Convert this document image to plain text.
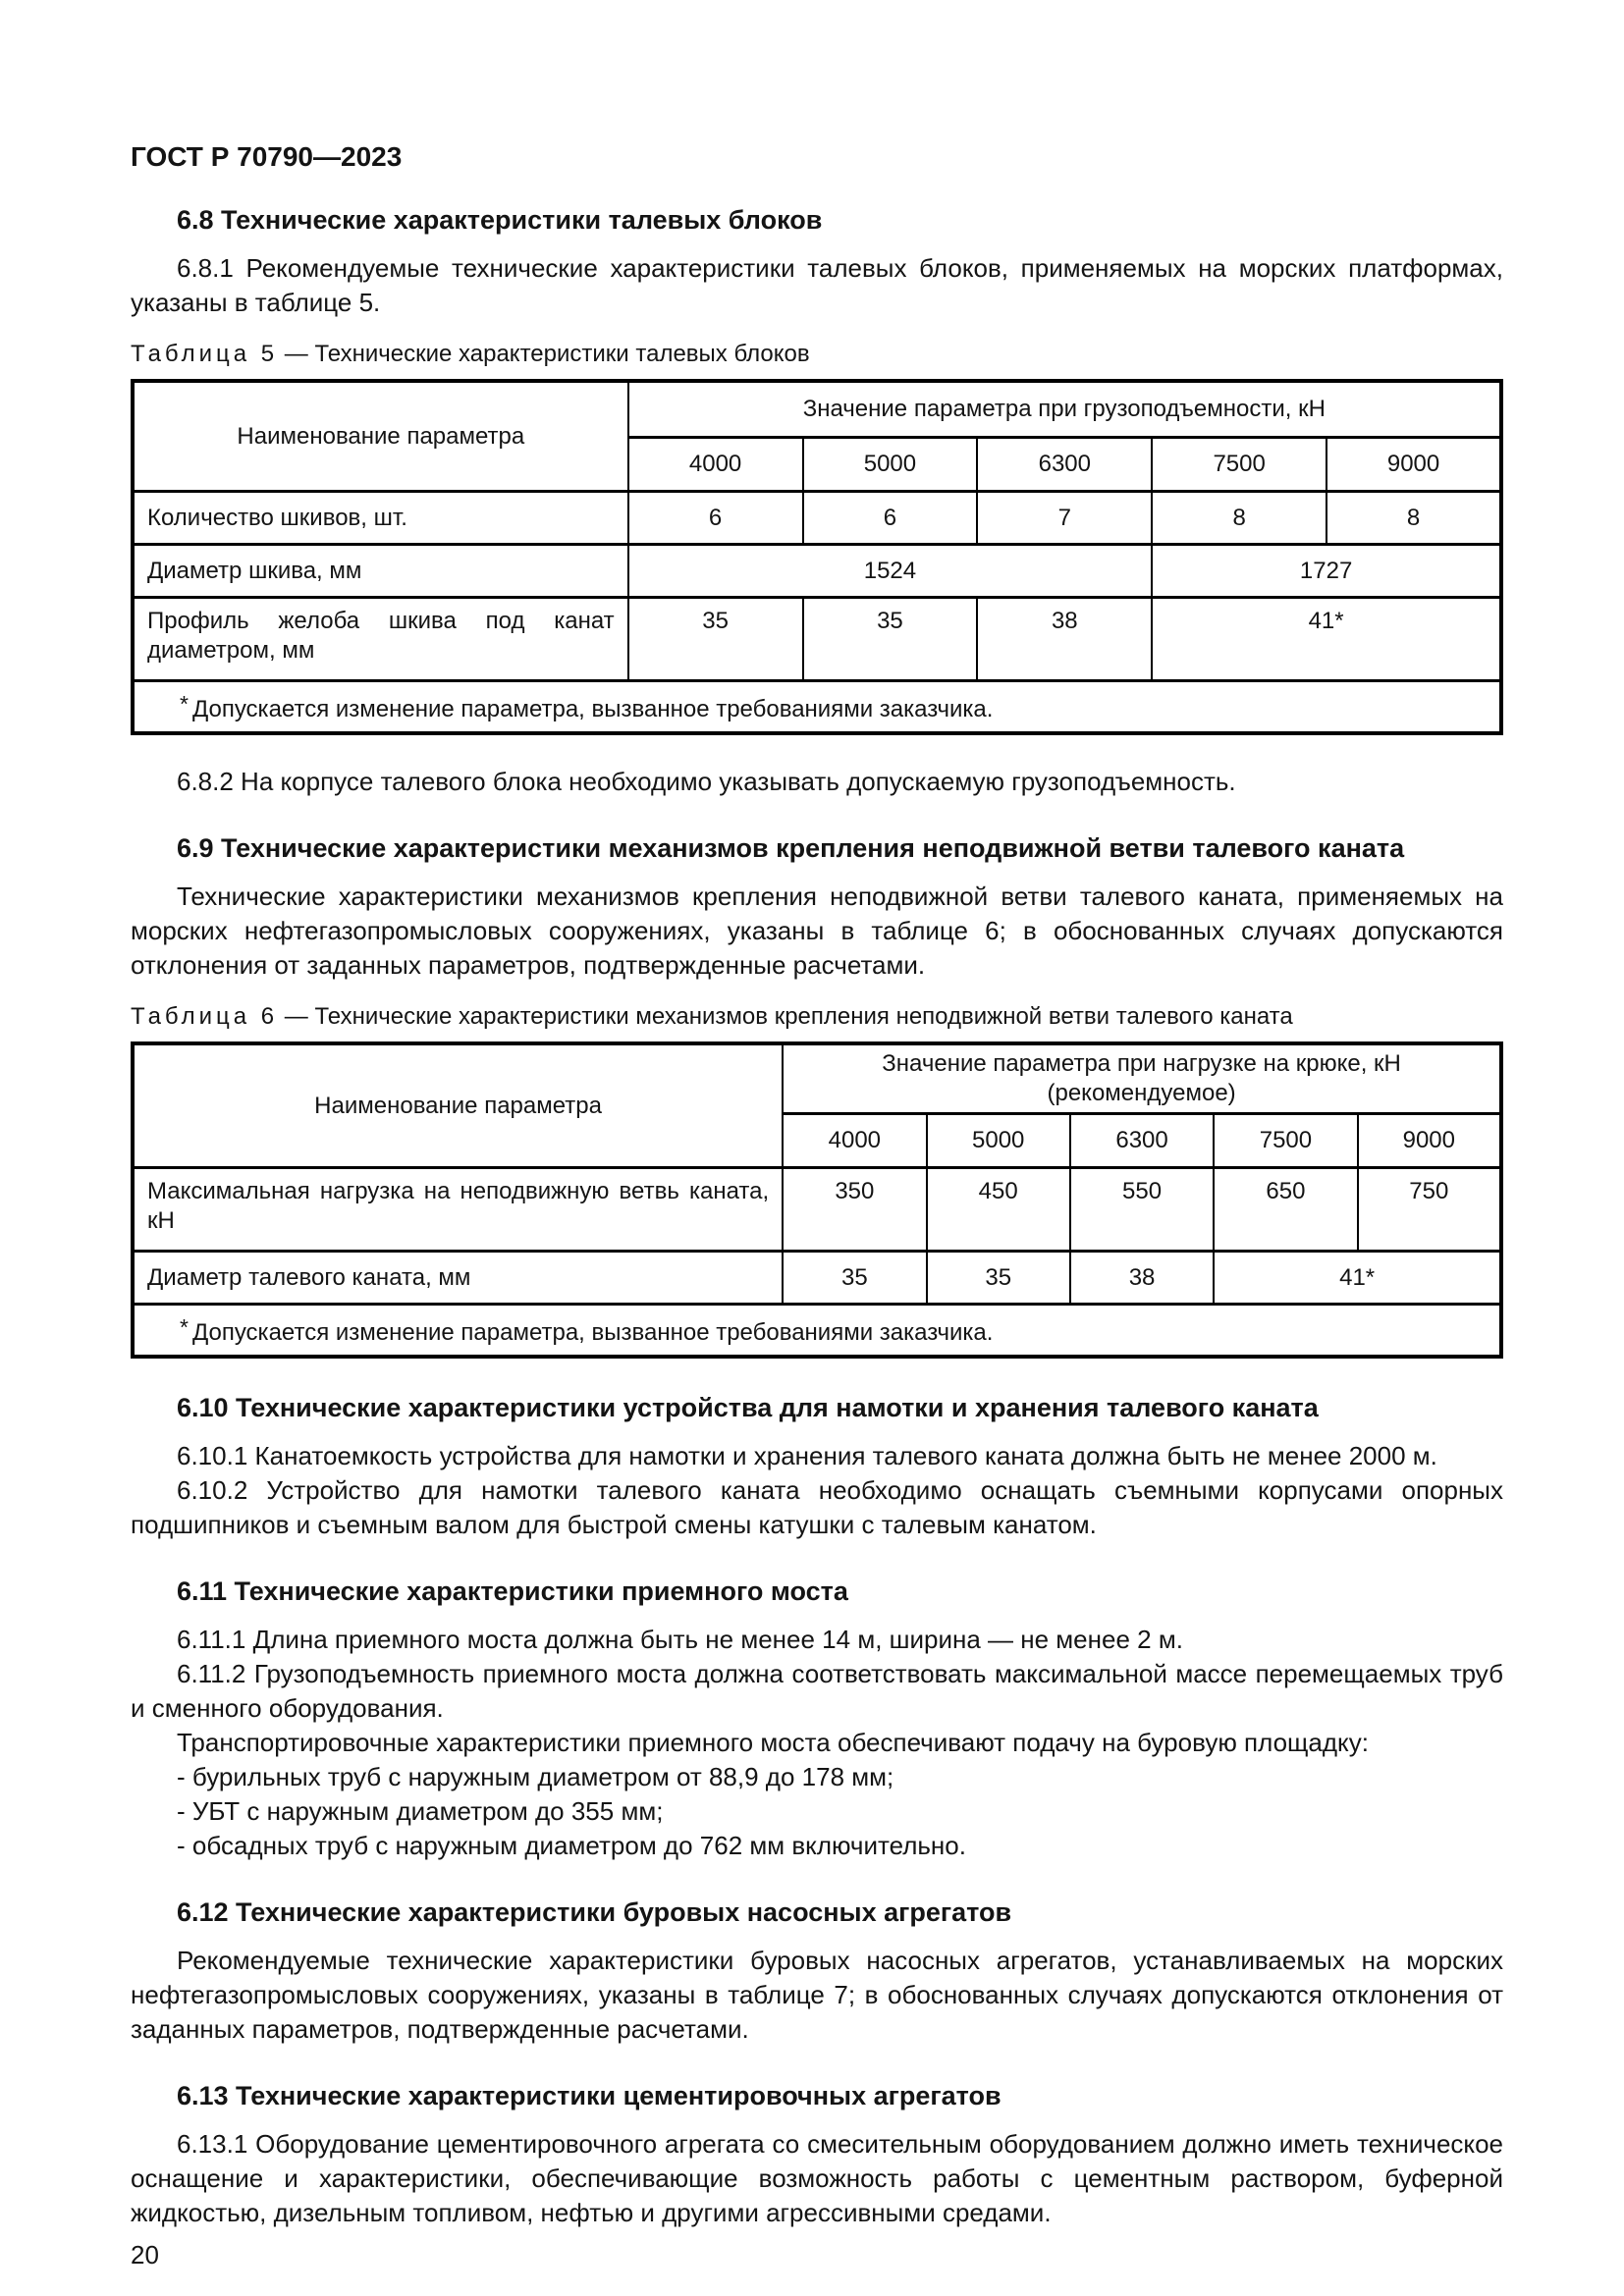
ГОСТ Р 70790—2023
6.8 Технические характеристики талевых блоков

6.8.1 Рекомендуемые технические характеристики талевых блоков, применяемых на морских платформах, указаны в таблице 5.

Таблица 5 — Технические характеристики талевых блоков

Наименование параметра	Значение параметра при грузоподъемности, кН				
	4000	5000	6300	7500	9000
Количество шкивов, шт.	6	6	7	8	8
Диаметр шкива, мм	1524			1727	
Профиль желоба шкива под канат диаметром, мм	35	35	38	41*	
* Допускается изменение параметра, вызванное требованиями заказчика.					

6.8.2 На корпусе талевого блока необходимо указывать допускаемую грузоподъемность.

6.9 Технические характеристики механизмов крепления неподвижной ветви талевого каната

Технические характеристики механизмов крепления неподвижной ветви талевого каната, применяемых на морских нефтегазопромысловых сооружениях, указаны в таблице 6; в обоснованных случаях допускаются отклонения от заданных параметров, подтвержденные расчетами.

Таблица 6 — Технические характеристики механизмов крепления неподвижной ветви талевого каната

Наименование параметра	Значение параметра при нагрузке на крюке, кН (рекомендуемое)				
	4000	5000	6300	7500	9000
Максимальная нагрузка на неподвижную ветвь каната, кН	350	450	550	650	750
Диаметр талевого каната, мм	35	35	38	41*	
* Допускается изменение параметра, вызванное требованиями заказчика.					
6.10 Технические характеристики устройства для намотки и хранения талевого каната

6.10.1 Канатоемкость устройства для намотки и хранения талевого каната должна быть не менее 2000 м.

6.10.2 Устройство для намотки талевого каната необходимо оснащать съемными корпусами опорных подшипников и съемным валом для быстрой смены катушки с талевым канатом.

6.11 Технические характеристики приемного моста

6.11.1 Длина приемного моста должна быть не менее 14 м, ширина — не менее 2 м.

6.11.2 Грузоподъемность приемного моста должна соответствовать максимальной массе перемещаемых труб и сменного оборудования.

Транспортировочные характеристики приемного моста обеспечивают подачу на буровую площадку:

- бурильных труб с наружным диаметром от 88,9 до 178 мм;

- УБТ с наружным диаметром до 355 мм;

- обсадных труб с наружным диаметром до 762 мм включительно.

6.12 Технические характеристики буровых насосных агрегатов

Рекомендуемые технические характеристики буровых насосных агрегатов, устанавливаемых на морских нефтегазопромысловых сооружениях, указаны в таблице 7; в обоснованных случаях допускаются отклонения от заданных параметров, подтвержденные расчетами.

6.13 Технические характеристики цементировочных агрегатов

6.13.1 Оборудование цементировочного агрегата со смесительным оборудованием должно иметь техническое оснащение и характеристики, обеспечивающие возможность работы с цементным раствором, буферной жидкостью, дизельным топливом, нефтью и другими агрессивными средами.

20
